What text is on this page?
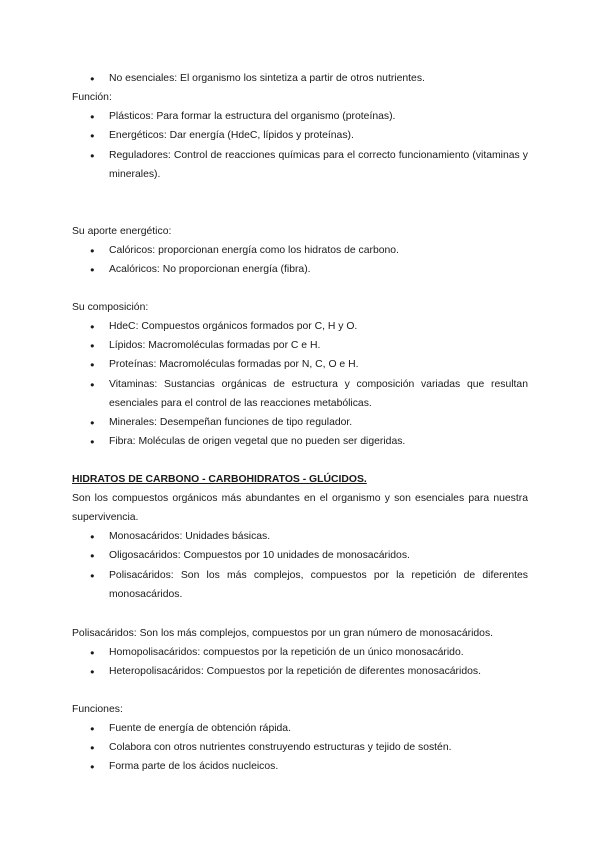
● No esenciales: El organismo los sintetiza a partir de otros nutrientes.
Función:
● Plásticos: Para formar la estructura del organismo (proteínas).
● Energéticos: Dar energía (HdeC, lípidos y proteínas).
● Reguladores: Control de reacciones químicas para el correcto funcionamiento (vitaminas y minerales).
Su aporte energético:
● Calóricos: proporcionan energía como los hidratos de carbono.
● Acalóricos: No proporcionan energía (fibra).
Su composición:
● HdeC: Compuestos orgánicos formados por C, H y O.
● Lípidos: Macromoléculas formadas por C e H.
● Proteínas: Macromoléculas formadas por N, C, O e H.
● Vitaminas: Sustancias orgánicas de estructura y composición variadas que resultan esenciales para el control de las reacciones metabólicas.
● Minerales: Desempeñan funciones de tipo regulador.
● Fibra: Moléculas de origen vegetal que no pueden ser digeridas.
HIDRATOS DE CARBONO - CARBOHIDRATOS - GLÚCIDOS.
Son los compuestos orgánicos más abundantes en el organismo y son esenciales para nuestra supervivencia.
● Monosacáridos: Unidades básicas.
● Oligosacáridos: Compuestos por 10 unidades de monosacáridos.
● Polisacáridos: Son los más complejos, compuestos por la repetición de diferentes monosacáridos.
Polisacáridos: Son los más complejos, compuestos por un gran número de monosacáridos.
● Homopolisacáridos: compuestos por la repetición de un único monosacárido.
● Heteropolisacáridos: Compuestos por la repetición de diferentes monosacáridos.
Funciones:
● Fuente de energía de obtención rápida.
● Colabora con otros nutrientes construyendo estructuras y tejido de sostén.
● Forma parte de los ácidos nucleicos.
